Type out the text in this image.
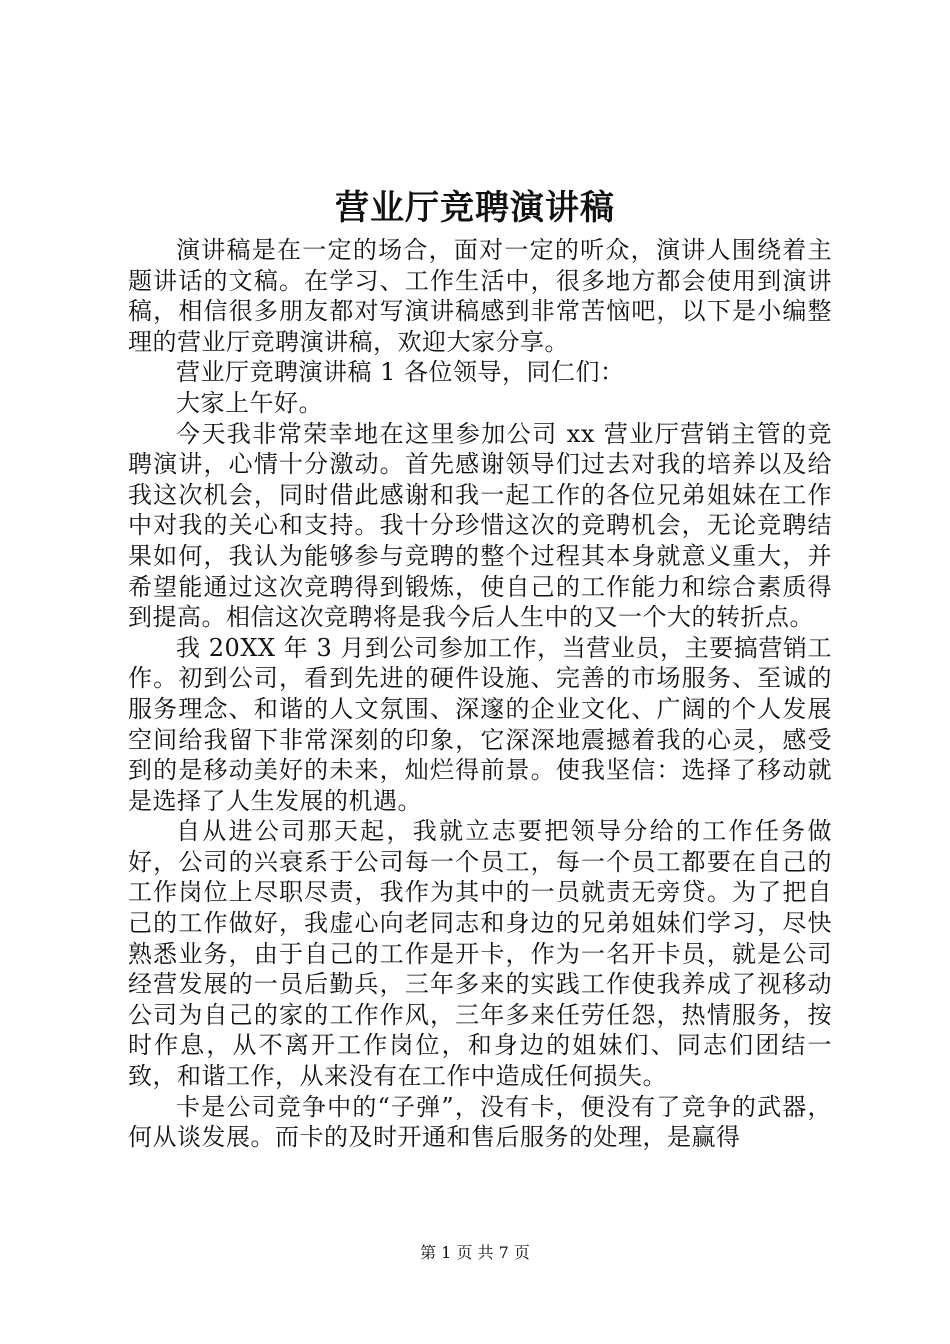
营业厅竞聘演讲稿

演讲稿是在一定的场合，面对一定的听众，演讲人围绕着主题讲话的文稿。在学习、工作生活中，很多地方都会使用到演讲稿，相信很多朋友都对写演讲稿感到非常苦恼吧，以下是小编整理的营业厅竞聘演讲稿，欢迎大家分享。

营业厅竞聘演讲稿 1 各位领导，同仁们：

大家上午好。

今天我非常荣幸地在这里参加公司 xx 营业厅营销主管的竞聘演讲，心情十分激动。首先感谢领导们过去对我的培养以及给我这次机会，同时借此感谢和我一起工作的各位兄弟姐妹在工作中对我的关心和支持。我十分珍惜这次的竞聘机会，无论竞聘结果如何，我认为能够参与竞聘的整个过程其本身就意义重大，并希望能通过这次竞聘得到锻炼，使自己的工作能力和综合素质得到提高。相信这次竞聘将是我今后人生中的又一个大的转折点。

我 20XX 年 3 月到公司参加工作，当营业员，主要搞营销工作。初到公司，看到先进的硬件设施、完善的市场服务、至诚的服务理念、和谐的人文氛围、深邃的企业文化、广阔的个人发展空间给我留下非常深刻的印象，它深深地震撼着我的心灵，感受到的是移动美好的未来，灿烂得前景。使我坚信：选择了移动就是选择了人生发展的机遇。

自从进公司那天起，我就立志要把领导分给的工作任务做好，公司的兴衰系于公司每一个员工，每一个员工都要在自己的工作岗位上尽职尽责，我作为其中的一员就责无旁贷。为了把自己的工作做好，我虚心向老同志和身边的兄弟姐妹们学习，尽快熟悉业务，由于自己的工作是开卡，作为一名开卡员，就是公司经营发展的一员后勤兵，三年多来的实践工作使我养成了视移动公司为自己的家的工作作风，三年多来任劳任怨，热情服务，按时作息，从不离开工作岗位，和身边的姐妹们、同志们团结一致，和谐工作，从来没有在工作中造成任何损失。

卡是公司竞争中的“子弹”，没有卡，便没有了竞争的武器，何从谈发展。而卡的及时开通和售后服务的处理，是赢得

第 1 页 共 7 页
